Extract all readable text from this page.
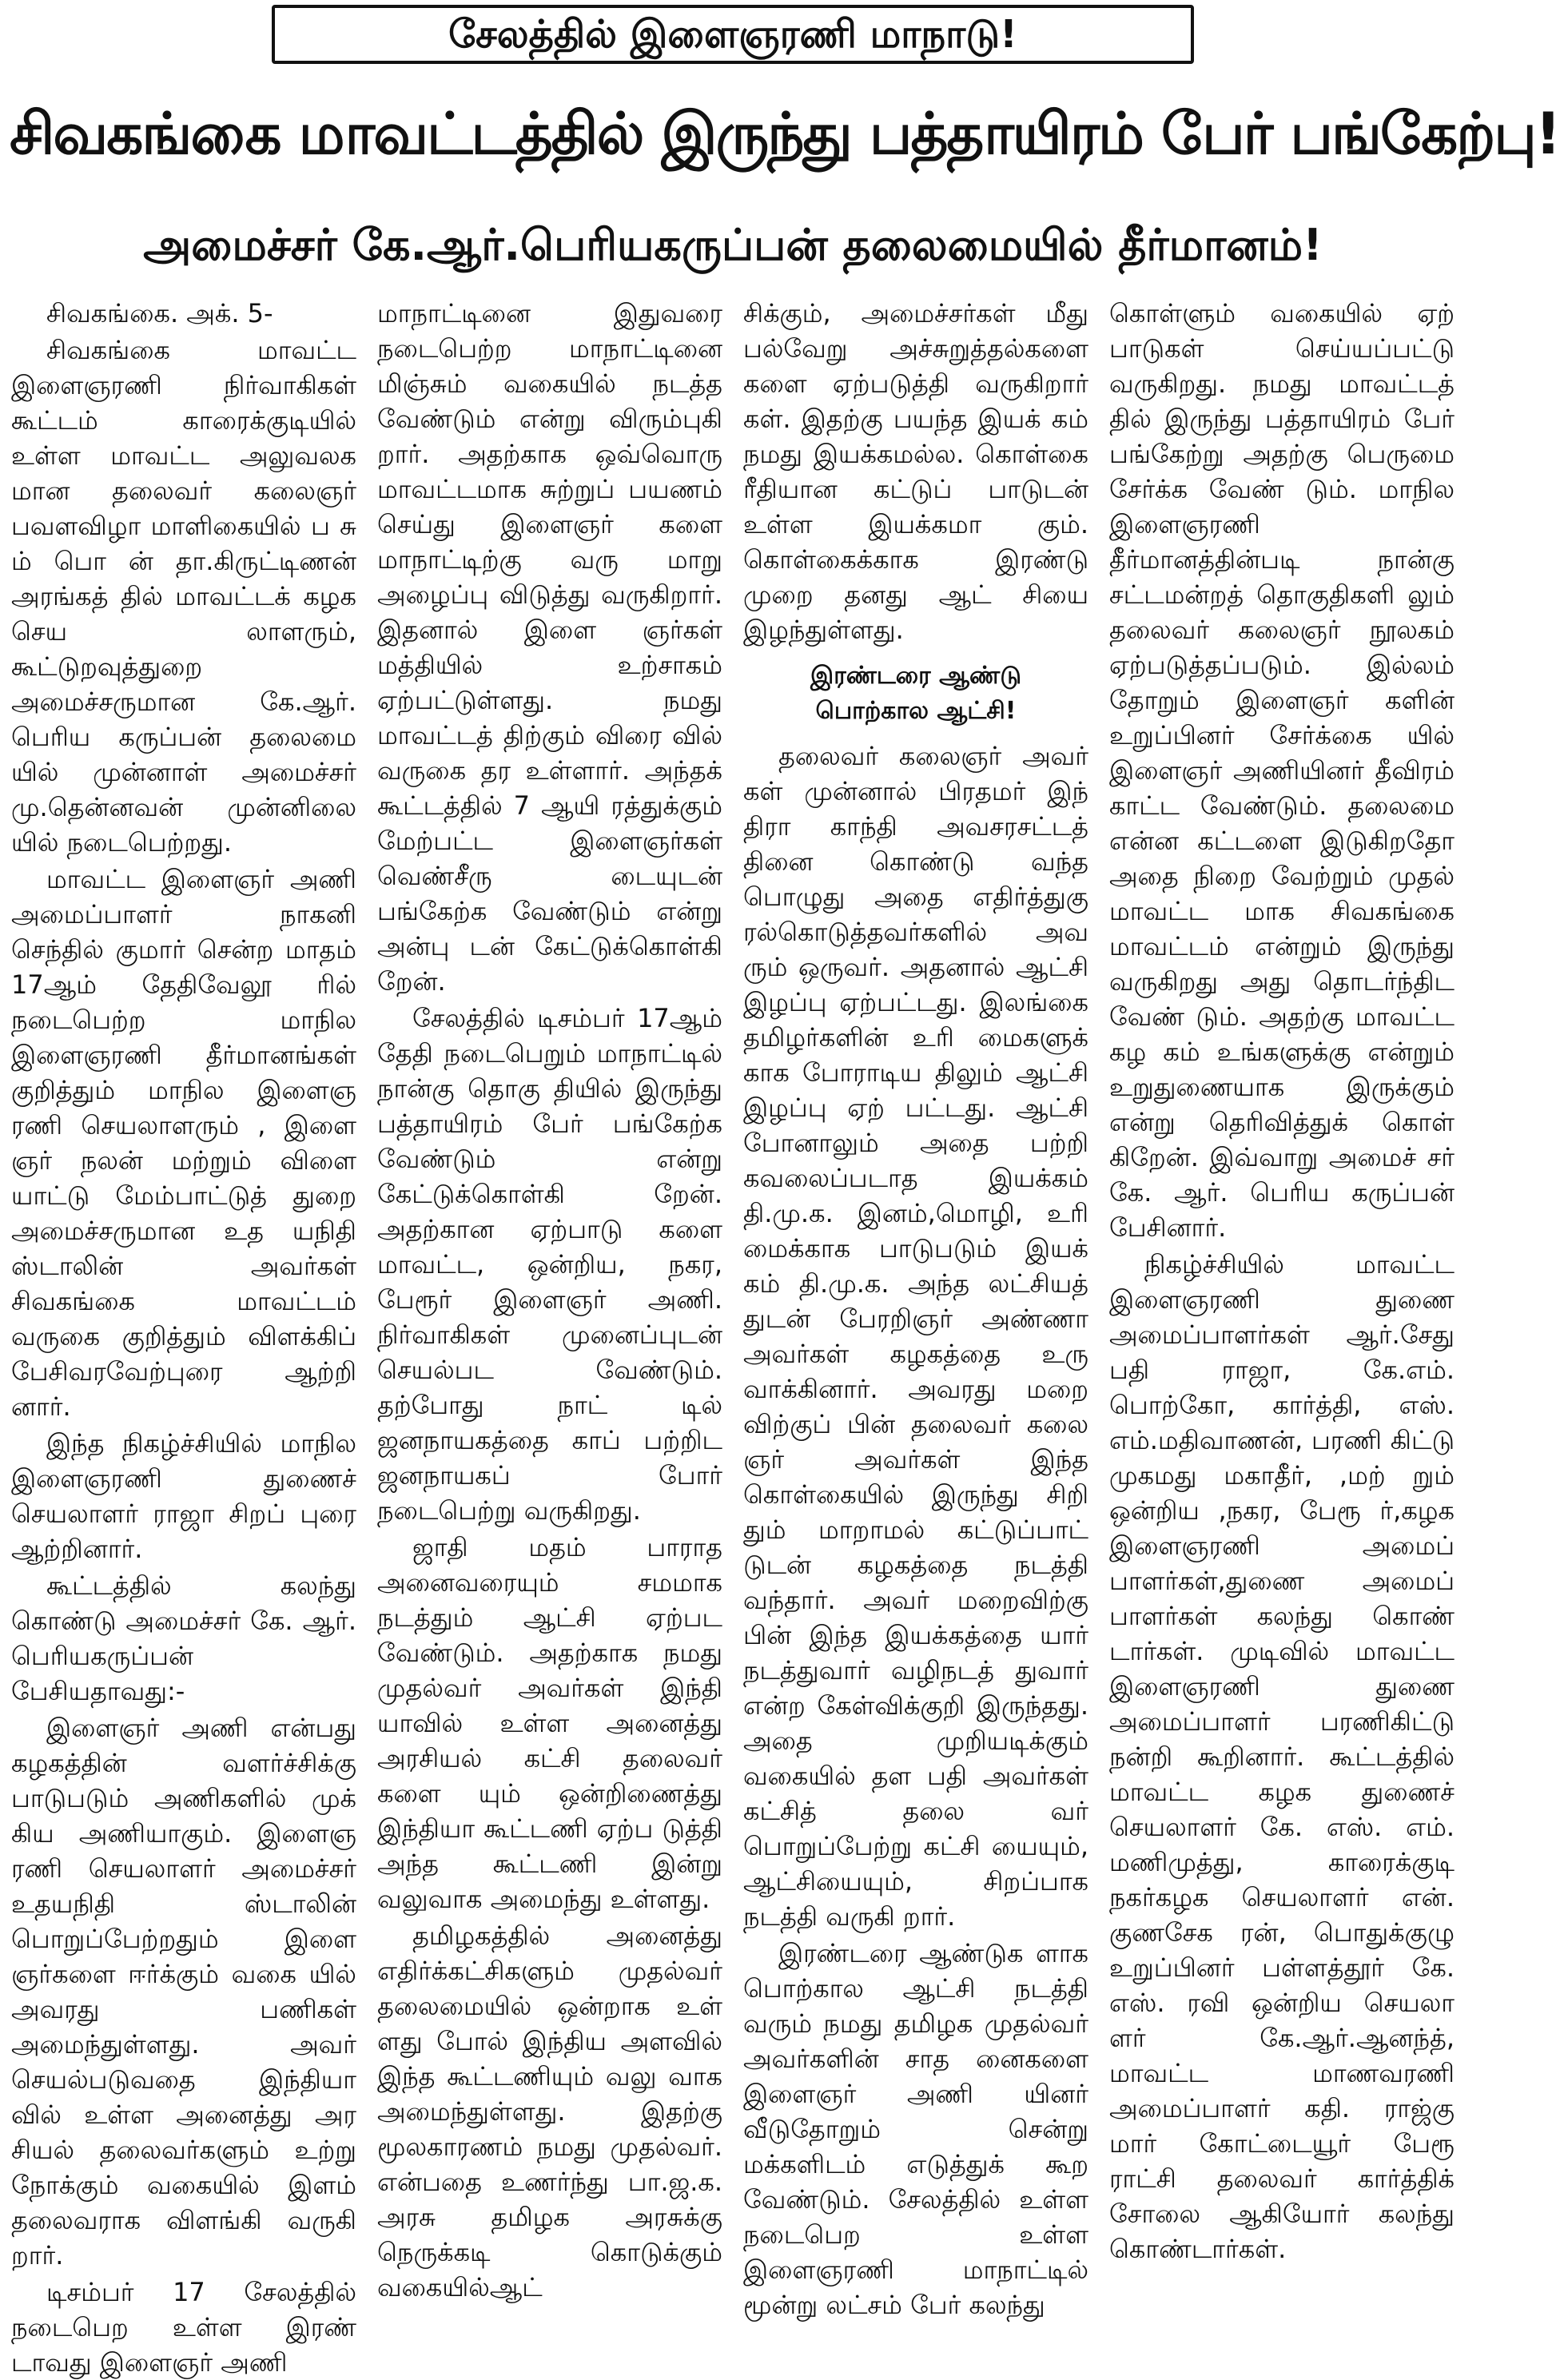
சேலத்தில் இளைஞரணி மாநாடு!
சிவகங்கை மாவட்டத்தில் இருந்து பத்தாயிரம் பேர் பங்கேற்பு!
அமைச்சர் கே.ஆர்.பெரியகருப்பன் தலைமையில் தீர்மானம்!

சிவகங்கை. அக். 5-

சிவகங்கை மாவட்ட இளைஞரணி நிர்வாகிகள் கூட்டம் காரைக்குடியில் உள்ள மாவட்ட அலுவலக மான தலைவர் கலைஞர் பவளவிழா மாளிகையில் ப சு ம் பொ ன் தா.கிருட்டிணன் அரங்கத் தில் மாவட்டக் கழக செய லாளரும், கூட்டுறவுத்துறை அமைச்சருமான கே.ஆர். பெரிய கருப்பன் தலைமை யில் முன்னாள் அமைச்சர் மு.தென்னவன் முன்னிலை யில் நடைபெற்றது.

மாவட்ட இளைஞர் அணி அமைப்பாளர் நாகனி செந்தில் குமார் சென்ற மாதம் 17ஆம் தேதிவேலூ ரில் நடைபெற்ற மாநில இளைஞரணி தீர்மானங்கள் குறித்தும் மாநில இளைஞ ரணி செயலாளரும் , இளை ஞர் நலன் மற்றும் விளை யாட்டு மேம்பாட்டுத் துறை அமைச்சருமான உத யநிதி ஸ்டாலின் அவர்கள் சிவகங்கை மாவட்டம் வருகை குறித்தும் விளக்கிப் பேசிவரவேற்புரை ஆற்றி னார்.

இந்த நிகழ்ச்சியில் மாநில இளைஞரணி துணைச் செயலாளர் ராஜா சிறப் புரை ஆற்றினார்.

கூட்டத்தில் கலந்து கொண்டு அமைச்சர் கே. ஆர். பெரியகருப்பன் பேசியதாவது:-

இளைஞர் அணி என்பது கழகத்தின் வளர்ச்சிக்கு பாடுபடும் அணிகளில் முக் கிய அணியாகும். இளைஞ ரணி செயலாளர் அமைச்சர் உதயநிதி ஸ்டாலின் பொறுப்பேற்றதும் இளை ஞர்களை ஈர்க்கும் வகை யில் அவரது பணிகள் அமைந்துள்ளது. அவர் செயல்படுவதை இந்தியா வில் உள்ள அனைத்து அர சியல் தலைவர்களும் உற்று நோக்கும் வகையில் இளம் தலைவராக விளங்கி வருகி றார்.

டிசம்பர் 17 சேலத்தில் நடைபெற உள்ள இரண் டாவது இளைஞர் அணி

மாநாட்டினை இதுவரை நடைபெற்ற மாநாட்டினை மிஞ்சும் வகையில் நடத்த வேண்டும் என்று விரும்புகி றார். அதற்காக ஒவ்வொரு மாவட்டமாக சுற்றுப் பயணம் செய்து இளைஞர் களை மாநாட்டிற்கு வரு மாறு அழைப்பு விடுத்து வருகிறார். இதனால் இளை ஞர்கள் மத்தியில் உற்சாகம் ஏற்பட்டுள்ளது. நமது மாவட்டத் திற்கும் விரை வில் வருகை தர உள்ளார். அந்தக் கூட்டத்தில் 7 ஆயி ரத்துக்கும் மேற்பட்ட இளைஞர்கள் வெண்சீரு டையுடன் பங்கேற்க வேண்டும் என்று அன்பு டன் கேட்டுக்கொள்கி றேன்.

சேலத்தில் டிசம்பர் 17ஆம் தேதி நடைபெறும் மாநாட்டில் நான்கு தொகு தியில் இருந்து பத்தாயிரம் பேர் பங்கேற்க வேண்டும் என்று கேட்டுக்கொள்கி றேன். அதற்கான ஏற்பாடு களை மாவட்ட, ஒன்றிய, நகர, பேரூர் இளைஞர் அணி. நிர்வாகிகள் முனைப்புடன் செயல்பட வேண்டும். தற்போது நாட் டில் ஜனநாயகத்தை காப் பற்றிட ஜனநாயகப் போர் நடைபெற்று வருகிறது.

ஜாதி மதம் பாராத அனைவரையும் சமமாக நடத்தும் ஆட்சி ஏற்பட வேண்டும். அதற்காக நமது முதல்வர் அவர்கள் இந்தி யாவில் உள்ள அனைத்து அரசியல் கட்சி தலைவர் களை யும் ஒன்றிணைத்து இந்தியா கூட்டணி ஏற்ப டுத்தி அந்த கூட்டணி இன்று வலுவாக அமைந்து உள்ளது.

தமிழகத்தில் அனைத்து எதிர்க்கட்சிகளும் முதல்வர் தலைமையில் ஒன்றாக உள் ளது போல் இந்திய அளவில் இந்த கூட்டணியும் வலு வாக அமைந்துள்ளது. இதற்கு மூலகாரணம் நமது முதல்வர். என்பதை உணர்ந்து பா.ஜ.க. அரசு தமிழக அரசுக்கு நெருக்கடி கொடுக்கும் வகையில்ஆட்

சிக்கும், அமைச்சர்கள் மீது பல்வேறு அச்சுறுத்தல்களை களை ஏற்படுத்தி வருகிறார் கள். இதற்கு பயந்த இயக் கம் நமது இயக்கமல்ல. கொள்கை ரீதியான கட்டுப் பாடுடன் உள்ள இயக்கமா கும். கொள்கைக்காக இரண்டு முறை தனது ஆட் சியை இழந்துள்ளது.

இரண்டரை ஆண்டு
பொற்கால ஆட்சி!

தலைவர் கலைஞர் அவர் கள் முன்னால் பிரதமர் இந் திரா காந்தி அவசரசட்டத் தினை கொண்டு வந்த பொழுது அதை எதிர்த்துகு ரல்கொடுத்தவர்களில் அவ ரும் ஒருவர். அதனால் ஆட்சி இழப்பு ஏற்பட்டது. இலங்கை தமிழர்களின் உரி மைகளுக் காக போராடிய திலும் ஆட்சி இழப்பு ஏற் பட்டது. ஆட்சி போனாலும் அதை பற்றி கவலைப்படாத இயக்கம் தி.மு.க. இனம்,மொழி, உரி மைக்காக பாடுபடும் இயக் கம் தி.மு.க. அந்த லட்சியத் துடன் பேரறிஞர் அண்ணா அவர்கள் கழகத்தை உரு வாக்கினார். அவரது மறை விற்குப் பின் தலைவர் கலை ஞர் அவர்கள் இந்த கொள்கையில் இருந்து சிறி தும் மாறாமல் கட்டுப்பாட் டுடன் கழகத்தை நடத்தி வந்தார். அவர் மறைவிற்கு பின் இந்த இயக்கத்தை யார் நடத்துவார் வழிநடத் துவார் என்ற கேள்விக்குறி இருந்தது. அதை முறியடிக்கும் வகையில் தள பதி அவர்கள் கட்சித் தலை வர் பொறுப்பேற்று கட்சி யையும், ஆட்சியையும், சிறப்பாக நடத்தி வருகி றார்.

இரண்டரை ஆண்டுக ளாக பொற்கால ஆட்சி நடத்தி வரும் நமது தமிழக முதல்வர் அவர்களின் சாத னைகளை இளைஞர் அணி யினர் வீடுதோறும் சென்று மக்களிடம் எடுத்துக் கூற வேண்டும். சேலத்தில் உள்ள நடைபெற உள்ள இளைஞரணி மாநாட்டில் மூன்று லட்சம் பேர் கலந்து

கொள்ளும் வகையில் ஏற் பாடுகள் செய்யப்பட்டு வருகிறது. நமது மாவட்டத் தில் இருந்து பத்தாயிரம் பேர் பங்கேற்று அதற்கு பெருமை சேர்க்க வேண் டும். மாநில இளைஞரணி தீர்மானத்தின்படி நான்கு சட்டமன்றத் தொகுதிகளி லும் தலைவர் கலைஞர் நூலகம் ஏற்படுத்தப்படும். இல்லம் தோறும் இளைஞர் களின் உறுப்பினர் சேர்க்கை யில் இளைஞர் அணியினர் தீவிரம் காட்ட வேண்டும். தலைமை என்ன கட்டளை இடுகிறதோ அதை நிறை வேற்றும் முதல் மாவட்ட மாக சிவகங்கை மாவட்டம் என்றும் இருந்து வருகிறது அது தொடர்ந்திட வேண் டும். அதற்கு மாவட்ட கழ கம் உங்களுக்கு என்றும் உறுதுணையாக இருக்கும் என்று தெரிவித்துக் கொள் கிறேன். இவ்வாறு அமைச் சர் கே. ஆர். பெரிய கருப்பன் பேசினார்.

நிகழ்ச்சியில் மாவட்ட இளைஞரணி துணை அமைப்பாளர்கள் ஆர்.சேது பதி ராஜா, கே.எம். பொற்கோ, கார்த்தி, எஸ். எம்.மதிவாணன், பரணி கிட்டு முகமது மகாதீர், ,மற் றும் ஒன்றிய ,நகர, பேரூ ர்,கழக இளைஞரணி அமைப் பாளர்கள்,துணை அமைப் பாளர்கள் கலந்து கொண் டார்கள். முடிவில் மாவட்ட இளைஞரணி துணை அமைப்பாளர் பரணிகிட்டு நன்றி கூறினார். கூட்டத்தில் மாவட்ட கழக துணைச் செயலாளர் கே. எஸ். எம். மணிமுத்து, காரைக்குடி நகர்கழக செயலாளர் என். குணசேக ரன், பொதுக்குழு உறுப்பினர் பள்ளத்தூர் கே. எஸ். ரவி ஒன்றிய செயலா ளர் கே.ஆர்.ஆனந்த், மாவட்ட மாணவரணி அமைப்பாளர் கதி. ராஜ்கு மார் கோட்டையூர் பேரூ ராட்சி தலைவர் கார்த்திக் சோலை ஆகியோர் கலந்து கொண்டார்கள்.
